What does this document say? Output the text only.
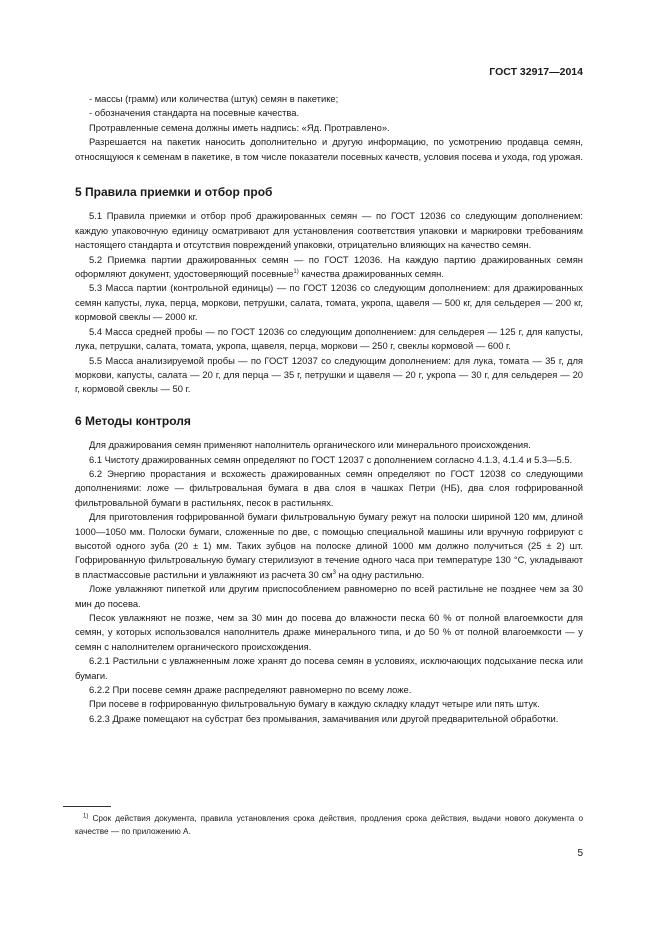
ГОСТ 32917—2014

- массы (грамм) или количества (штук) семян в пакетике;

- обозначения стандарта на посевные качества.

Протравленные семена должны иметь надпись: «Яд. Протравлено».

Разрешается на пакетик наносить дополнительно и другую информацию, по усмотрению продавца семян, относящуюся к семенам в пакетике, в том числе показатели посевных качеств, условия посева и ухода, год урожая.

5 Правила приемки и отбор проб

5.1 Правила приемки и отбор проб дражированных семян — по ГОСТ 12036 со следующим дополнением: каждую упаковочную единицу осматривают для установления соответствия упаковки и маркировки требованиям настоящего стандарта и отсутствия повреждений упаковки, отрицательно влияющих на качество семян.

5.2 Приемка партии дражированных семян — по ГОСТ 12036. На каждую партию дражированных семян оформляют документ, удостоверяющий посевные$^{1)}$ качества дражированных семян.

5.3 Масса партии (контрольной единицы) — по ГОСТ 12036 со следующим дополнением: для дражированных семян капусты, лука, перца, моркови, петрушки, салата, томата, укропа, щавеля — 500 кг, для сельдерея — 200 кг, кормовой свеклы — 2000 кг.

5.4 Масса средней пробы — по ГОСТ 12036 со следующим дополнением: для сельдерея — 125 г, для капусты, лука, петрушки, салата, томата, укропа, щавеля, перца, моркови — 250 г, свеклы кормовой — 600 г.

5.5 Масса анализируемой пробы — по ГОСТ 12037 со следующим дополнением: для лука, томата — 35 г, для моркови, капусты, салата — 20 г, для перца — 35 г, петрушки и щавеля — 20 г, укропа — 30 г, для сельдерея — 20 г, кормовой свеклы — 50 г.

6 Методы контроля

Для дражирования семян применяют наполнитель органического или минерального происхождения.

6.1 Чистоту дражированных семян определяют по ГОСТ 12037 с дополнением согласно 4.1.3, 4.1.4 и 5.3—5.5.

6.2 Энергию прорастания и всхожесть дражированных семян определяют по ГОСТ 12038 со следующими дополнениями: ложе — фильтровальная бумага в два слоя в чашках Петри (НБ), два слоя гофрированной фильтровальной бумаги в растильнях, песок в растильнях.

Для приготовления гофрированной бумаги фильтровальную бумагу режут на полоски шириной 120 мм, длиной 1000—1050 мм. Полоски бумаги, сложенные по две, с помощью специальной машины или вручную гофрируют с высотой одного зуба (20 ± 1) мм. Таких зубцов на полоске длиной 1000 мм должно получиться (25 ± 2) шт. Гофрированную фильтровальную бумагу стерилизуют в течение одного часа при температуре 130 °С, укладывают в пластмассовые растильни и увлажняют из расчета 30 $см^3$ на одну растильню.

Ложе увлажняют пипеткой или другим приспособлением равномерно по всей растильне не позднее чем за 30 мин до посева.

Песок увлажняют не позже, чем за 30 мин до посева до влажности песка 60 % от полной влагоемкости для семян, у которых использовался наполнитель драже минерального типа, и до 50 % от полной влагоемкости — у семян с наполнителем органического происхождения.

6.2.1 Растильни с увлажненным ложе хранят до посева семян в условиях, исключающих подсыхание песка или бумаги.

6.2.2 При посеве семян драже распределяют равномерно по всему ложе.

При посеве в гофрированную фильтровальную бумагу в каждую складку кладут четыре или пять штук.

6.2.3 Драже помещают на субстрат без промывания, замачивания или другой предварительной обработки.

$^{1)}$ Срок действия документа, правила установления срока действия, продления срока действия, выдачи нового документа о качестве — по приложению А.
5
